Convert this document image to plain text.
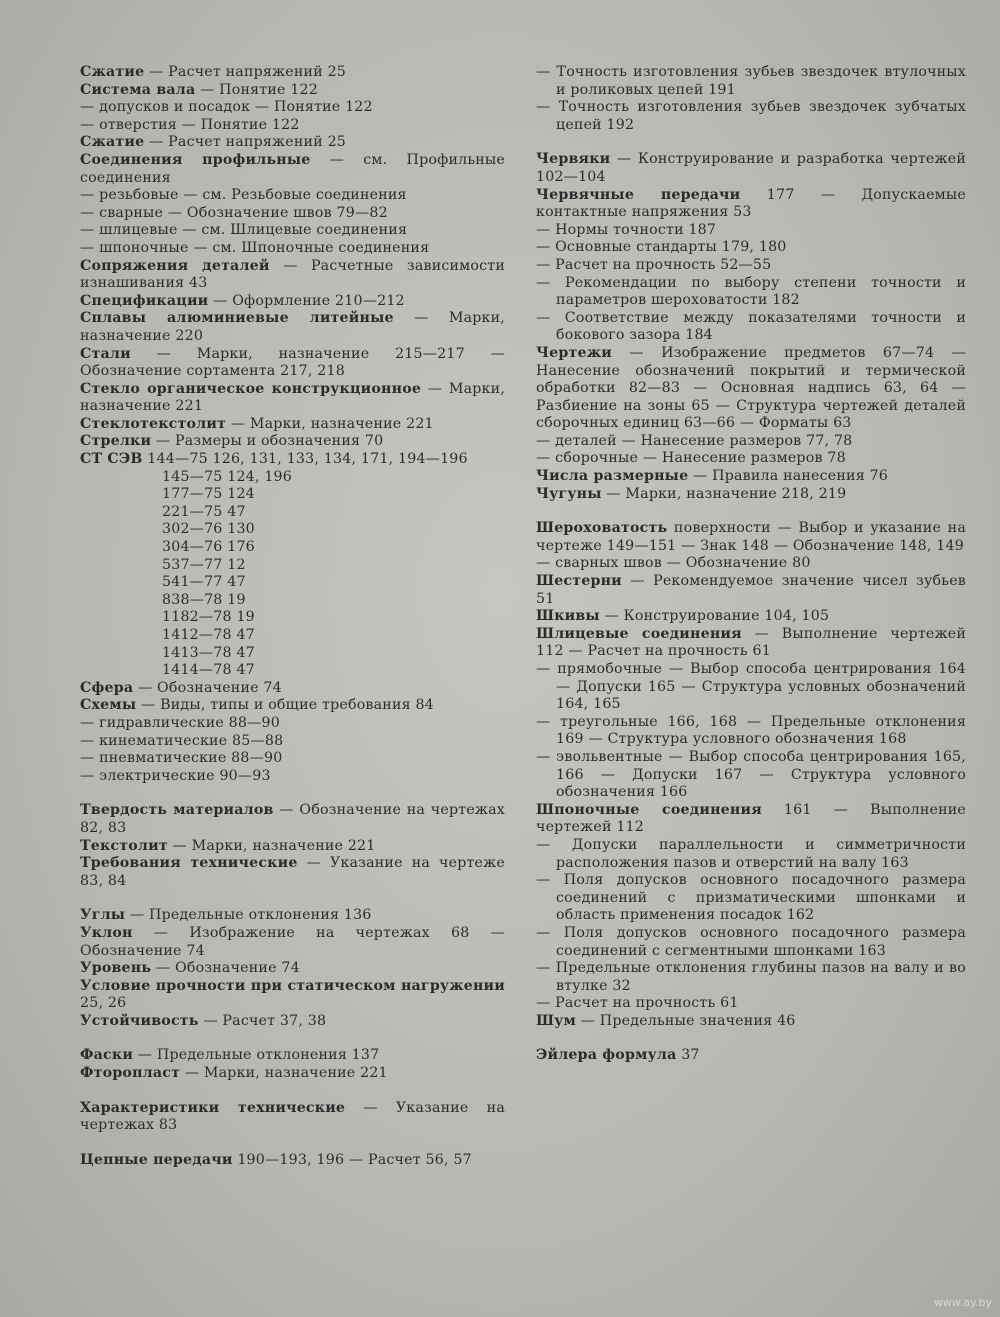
Сжатие — Расчет напряжений 25

Система вала — Понятие 122

— допусков и посадок — Понятие 122

— отверстия — Понятие 122

Сжатие — Расчет напряжений 25

Соединения профильные — см. Профильные соединения

— резьбовые — см. Резьбовые соединения

— сварные — Обозначение швов 79—82

— шлицевые — см. Шлицевые соединения

— шпоночные — см. Шпоночные соединения

Сопряжения деталей — Расчетные зависимости изнашивания 43

Спецификации — Оформление 210—212

Сплавы алюминиевые литейные — Марки, назначение 220

Стали — Марки, назначение 215—217 — Обозначение сортамента 217, 218

Стекло органическое конструкционное — Марки, назначение 221

Стеклотекстолит — Марки, назначение 221

Стрелки — Размеры и обозначения 70

СТ СЭВ 144—75 126, 131, 133, 134, 171, 194—196

145—75 124, 196

177—75 124

221—75 47

302—76 130

304—76 176

537—77 12

541—77 47

838—78 19

1182—78 19

1412—78 47

1413—78 47

1414—78 47

Сфера — Обозначение 74

Схемы — Виды, типы и общие требования 84

— гидравлические 88—90

— кинематические 85—88

— пневматические 88—90

— электрические 90—93

Твердость материалов — Обозначение на чертежах 82, 83

Текстолит — Марки, назначение 221

Требования технические — Указание на чертеже 83, 84

Углы — Предельные отклонения 136

Уклон — Изображение на чертежах 68 — Обозначение 74

Уровень — Обозначение 74

Условие прочности при статическом нагружении 25, 26

Устойчивость — Расчет 37, 38

Фаски — Предельные отклонения 137

Фторопласт — Марки, назначение 221

Характеристики технические — Указание на чертежах 83

Цепные передачи 190—193, 196 — Расчет 56, 57

— Точность изготовления зубьев звездочек втулочных и роликовых цепей 191

— Точность изготовления зубьев звездочек зубчатых цепей 192

Червяки — Конструирование и разработка чертежей 102—104

Червячные передачи 177 — Допускаемые контактные напряжения 53

— Нормы точности 187

— Основные стандарты 179, 180

— Расчет на прочность 52—55

— Рекомендации по выбору степени точности и параметров шероховатости 182

— Соответствие между показателями точности и бокового зазора 184

Чертежи — Изображение предметов 67—74 — Нанесение обозначений покрытий и термической обработки 82—83 — Основная надпись 63, 64 — Разбиение на зоны 65 — Структура чертежей деталей сборочных единиц 63—66 — Форматы 63

— деталей — Нанесение размеров 77, 78

— сборочные — Нанесение размеров 78

Числа размерные — Правила нанесения 76

Чугуны — Марки, назначение 218, 219

Шероховатость поверхности — Выбор и указание на чертеже 149—151 — Знак 148 — Обозначение 148, 149

— сварных швов — Обозначение 80

Шестерни — Рекомендуемое значение чисел зубьев 51

Шкивы — Конструирование 104, 105

Шлицевые соединения — Выполнение чертежей 112 — Расчет на прочность 61

— прямобочные — Выбор способа центрирования 164 — Допуски 165 — Структура условных обозначений 164, 165

— треугольные 166, 168 — Предельные отклонения 169 — Структура условного обозначения 168

— эвольвентные — Выбор способа центрирования 165, 166 — Допуски 167 — Структура условного обозначения 166

Шпоночные соединения 161 — Выполнение чертежей 112

— Допуски параллельности и симметричности расположения пазов и отверстий на валу 163

— Поля допусков основного посадочного размера соединений с призматическими шпонками и область применения посадок 162

— Поля допусков основного посадочного размера соединений с сегментными шпонками 163

— Предельные отклонения глубины пазов на валу и во втулке 32

— Расчет на прочность 61

Шум — Предельные значения 46

Эйлера формула 37

www.ay.by
